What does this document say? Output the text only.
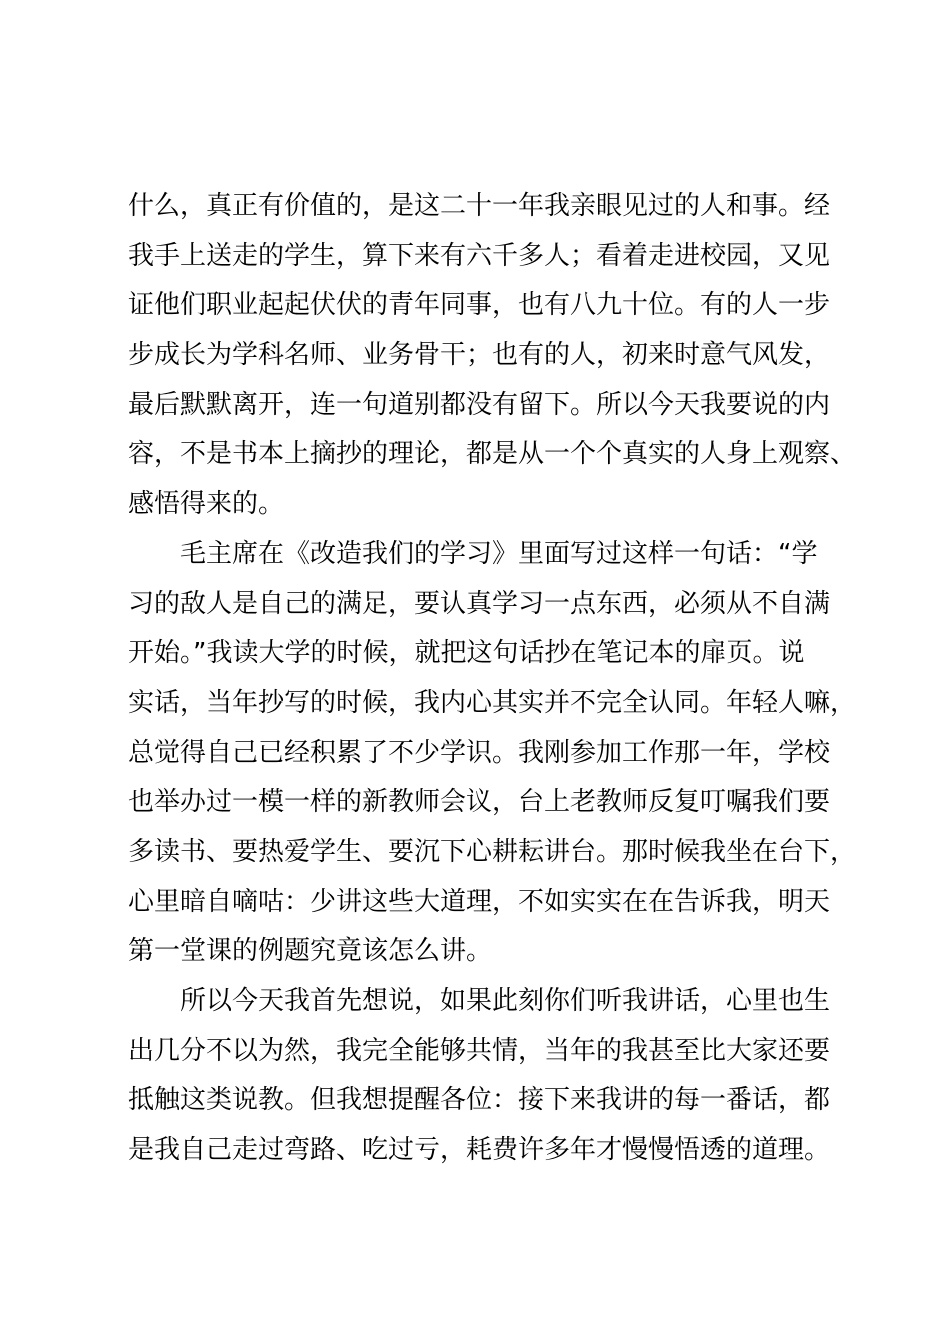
什么，真正有价值的，是这二十一年我亲眼见过的人和事。经
我手上送走的学生，算下来有六千多人；看着走进校园，又见
证他们职业起起伏伏的青年同事，也有八九十位。有的人一步
步成长为学科名师、业务骨干；也有的人，初来时意气风发，
最后默默离开，连一句道别都没有留下。所以今天我要说的内
容，不是书本上摘抄的理论，都是从一个个真实的人身上观察、
感悟得来的。
　　毛主席在《改造我们的学习》里面写过这样一句话：“学
习的敌人是自己的满足，要认真学习一点东西，必须从不自满
开始。”我读大学的时候，就把这句话抄在笔记本的扉页。说
实话，当年抄写的时候，我内心其实并不完全认同。年轻人嘛，
总觉得自己已经积累了不少学识。我刚参加工作那一年，学校
也举办过一模一样的新教师会议，台上老教师反复叮嘱我们要
多读书、要热爱学生、要沉下心耕耘讲台。那时候我坐在台下，
心里暗自嘀咕：少讲这些大道理，不如实实在在告诉我，明天
第一堂课的例题究竟该怎么讲。
　　所以今天我首先想说，如果此刻你们听我讲话，心里也生
出几分不以为然，我完全能够共情，当年的我甚至比大家还要
抵触这类说教。但我想提醒各位：接下来我讲的每一番话，都
是我自己走过弯路、吃过亏，耗费许多年才慢慢悟透的道理。
